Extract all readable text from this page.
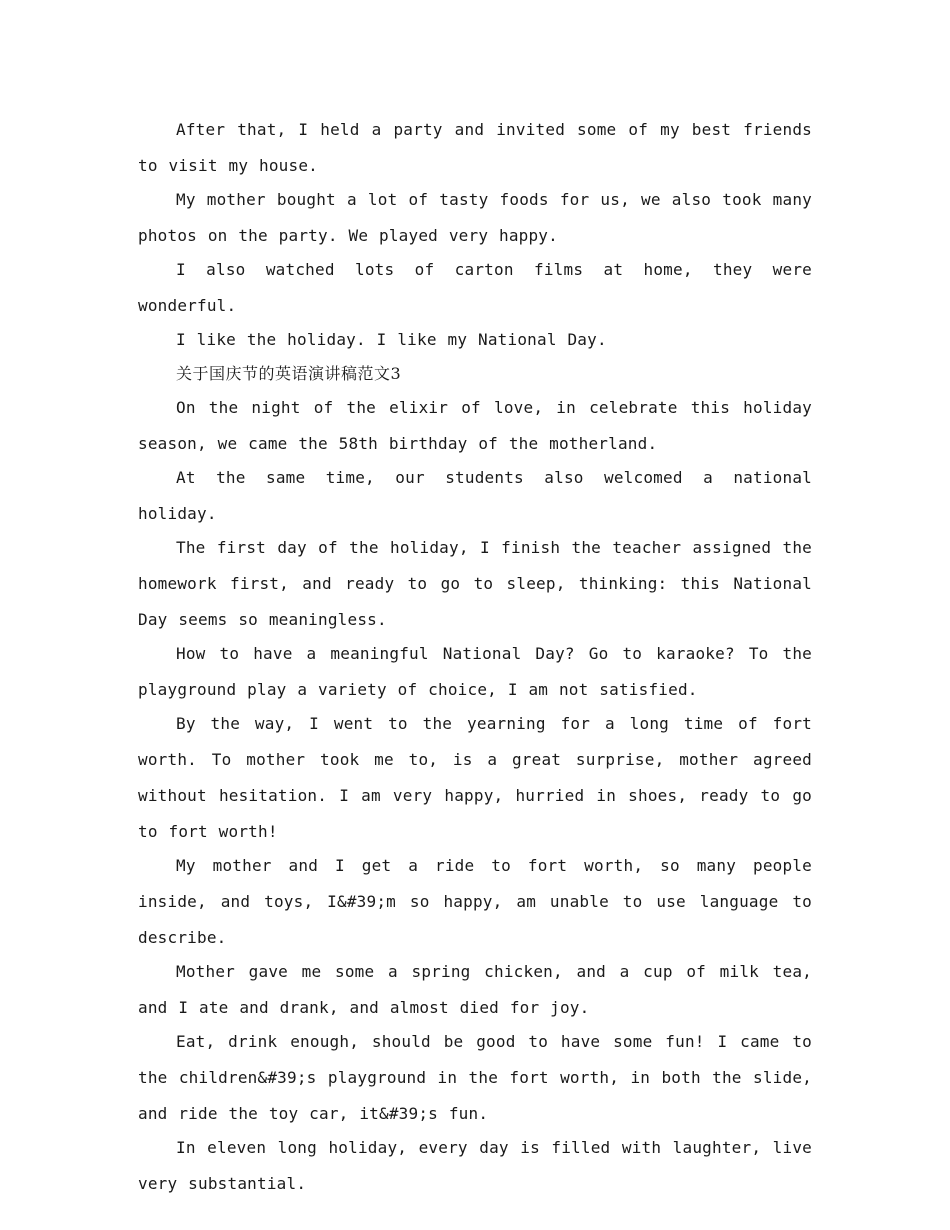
After that, I held a party and invited some of my best friends to visit my house.

My mother bought a lot of tasty foods for us, we also took many photos on the party. We played very happy.

I also watched lots of carton films at home, they were wonderful.

I like the holiday. I like my National Day.

关于国庆节的英语演讲稿范文3

On the night of the elixir of love, in celebrate this holiday season, we came the 58th birthday of the motherland.

At the same time, our students also welcomed a national holiday.

The first day of the holiday, I finish the teacher assigned the homework first, and ready to go to sleep, thinking: this National Day seems so meaningless.

How to have a meaningful National Day? Go to karaoke? To the playground play a variety of choice, I am not satisfied.

By the way, I went to the yearning for a long time of fort worth. To mother took me to, is a great surprise, mother agreed without hesitation. I am very happy, hurried in shoes, ready to go to fort worth!

My mother and I get a ride to fort worth, so many people inside, and toys, I&#39;m so happy, am unable to use language to describe.

Mother gave me some a spring chicken, and a cup of milk tea, and I ate and drank, and almost died for joy.

Eat, drink enough, should be good to have some fun! I came to the children&#39;s playground in the fort worth, in both the slide, and ride the toy car, it&#39;s fun.

In eleven long holiday, every day is filled with laughter, live very substantial.
